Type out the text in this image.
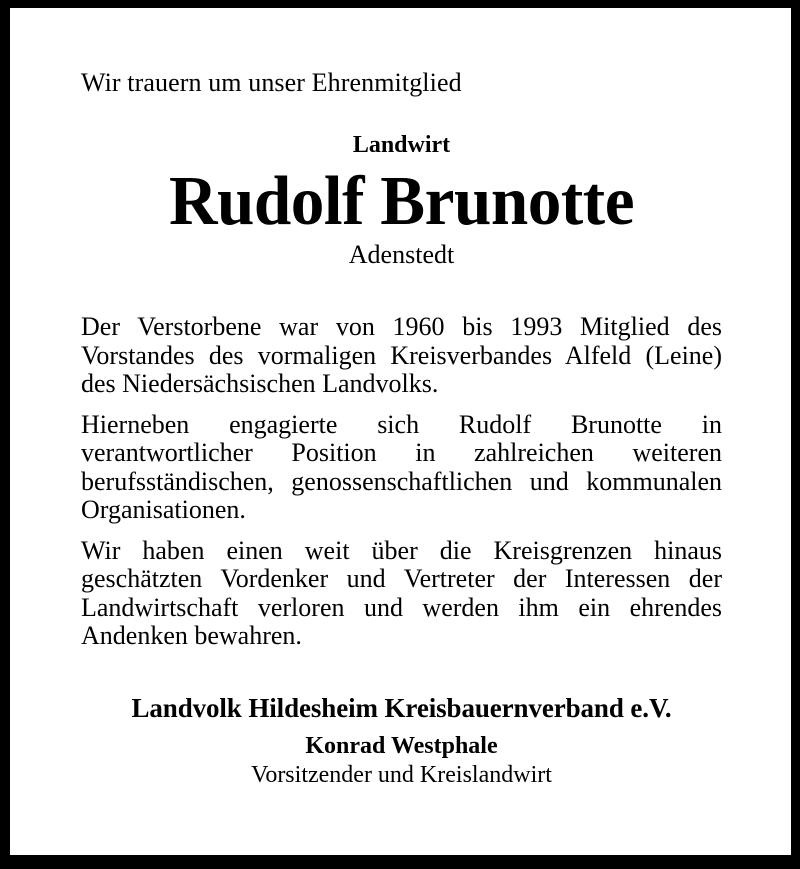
Wir trauern um unser Ehrenmitglied
Landwirt
Rudolf Brunotte
Adenstedt

Der Verstorbene war von 1960 bis 1993 Mitglied des Vorstandes des vormaligen Kreisverbandes Alfeld (Leine) des Niedersächsischen Landvolks.

Hierneben engagierte sich Rudolf Brunotte in verantwortlicher Position in zahlreichen weiteren berufsständischen, genossenschaftlichen und kommunalen Organisationen.

Wir haben einen weit über die Kreisgrenzen hinaus geschätzten Vordenker und Vertreter der Interessen der Landwirtschaft verloren und werden ihm ein ehrendes Andenken bewahren.

Landvolk Hildesheim Kreisbauernverband e.V.
Konrad Westphale
Vorsitzender und Kreislandwirt
